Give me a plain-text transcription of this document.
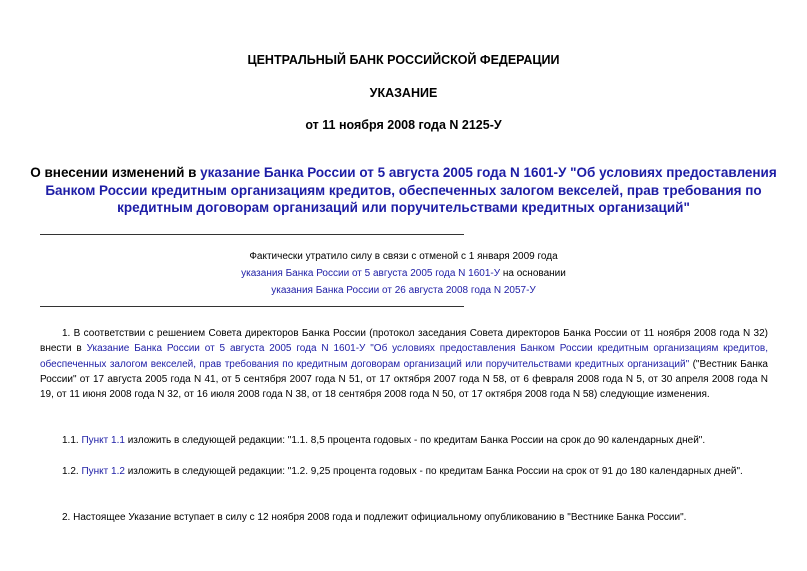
ЦЕНТРАЛЬНЫЙ БАНК РОССИЙСКОЙ ФЕДЕРАЦИИ

УКАЗАНИЕ

от 11 ноября 2008 года N 2125-У

О внесении изменений в указание Банка России от 5 августа 2005 года N 1601-У "Об условиях предоставления Банком России кредитным организациям кредитов, обеспеченных залогом векселей, прав требования по кредитным договорам организаций или поручительствами кредитных организаций"

Фактически утратило силу в связи с отменой с 1 января 2009 года

указания Банка России от 5 августа 2005 года N 1601-У на основании

указания Банка России от 26 августа 2008 года N 2057-У

1. В соответствии с решением Совета директоров Банка России (протокол заседания Совета директоров Банка России от 11 ноября 2008 года N 32) внести в Указание Банка России от 5 августа 2005 года N 1601-У "Об условиях предоставления Банком России кредитным организациям кредитов, обеспеченных залогом векселей, прав требования по кредитным договорам организаций или поручительствами кредитных организаций" ("Вестник Банка России" от 17 августа 2005 года N 41, от 5 сентября 2007 года N 51, от 17 октября 2007 года N 58, от 6 февраля 2008 года N 5, от 30 апреля 2008 года N 19, от 11 июня 2008 года N 32, от 16 июля 2008 года N 38, от 18 сентября 2008 года N 50, от 17 октября 2008 года N 58) следующие изменения.

1.1. Пункт 1.1 изложить в следующей редакции: "1.1. 8,5 процента годовых - по кредитам Банка России на срок до 90 календарных дней".

1.2. Пункт 1.2 изложить в следующей редакции: "1.2. 9,25 процента годовых - по кредитам Банка России на срок от 91 до 180 календарных дней".

2. Настоящее Указание вступает в силу с 12 ноября 2008 года и подлежит официальному опубликованию в "Вестнике Банка России".
